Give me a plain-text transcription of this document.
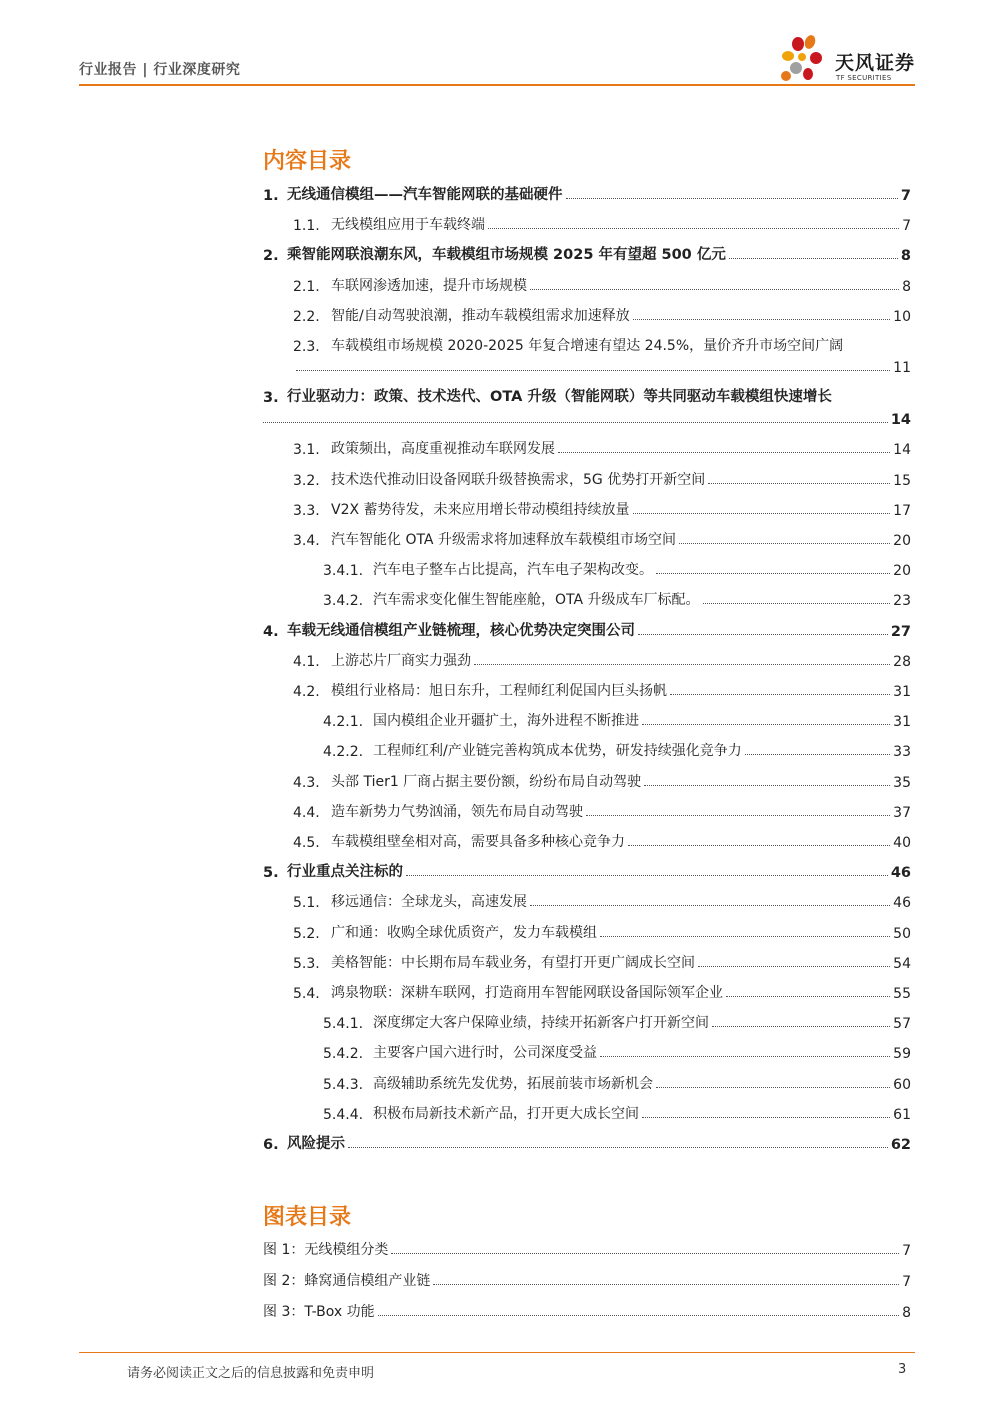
行业报告 | 行业深度研究	天风证券
TF SECURITIES
内容目录
1. 无线通信模组——汽车智能网联的基础硬件	7
1.1. 无线模组应用于车载终端	7
2. 乘智能网联浪潮东风，车载模组市场规模 2025 年有望超 500 亿元	8
2.1. 车联网渗透加速，提升市场规模	8
2.2. 智能/自动驾驶浪潮，推动车载模组需求加速释放	10
2.3. 车载模组市场规模 2020-2025 年复合增速有望达 24.5%，量价齐升市场空间广阔
11
3. 行业驱动力：政策、技术迭代、OTA 升级（智能网联）等共同驱动车载模组快速增长
14
3.1. 政策频出，高度重视推动车联网发展	14
3.2. 技术迭代推动旧设备网联升级替换需求，5G 优势打开新空间	15
3.3. V2X 蓄势待发，未来应用增长带动模组持续放量	17
3.4. 汽车智能化 OTA 升级需求将加速释放车载模组市场空间	20
3.4.1. 汽车电子整车占比提高，汽车电子架构改变。	20
3.4.2. 汽车需求变化催生智能座舱，OTA 升级成车厂标配。	23
4. 车载无线通信模组产业链梳理，核心优势决定突围公司	27
4.1. 上游芯片厂商实力强劲	28
4.2. 模组行业格局：旭日东升，工程师红利促国内巨头扬帆	31
4.2.1. 国内模组企业开疆扩土，海外进程不断推进	31
4.2.2. 工程师红利/产业链完善构筑成本优势，研发持续强化竞争力	33
4.3. 头部 Tier1 厂商占据主要份额，纷纷布局自动驾驶	35
4.4. 造车新势力气势汹涌，领先布局自动驾驶	37
4.5. 车载模组壁垒相对高，需要具备多种核心竞争力	40
5. 行业重点关注标的	46
5.1. 移远通信：全球龙头，高速发展	46
5.2. 广和通：收购全球优质资产，发力车载模组	50
5.3. 美格智能：中长期布局车载业务，有望打开更广阔成长空间	54
5.4. 鸿泉物联：深耕车联网，打造商用车智能网联设备国际领军企业	55
5.4.1. 深度绑定大客户保障业绩，持续开拓新客户打开新空间	57
5.4.2. 主要客户国六进行时，公司深度受益	59
5.4.3. 高级辅助系统先发优势，拓展前装市场新机会	60
5.4.4. 积极布局新技术新产品，打开更大成长空间	61
6. 风险提示	62
图表目录
图 1：无线模组分类	7
图 2：蜂窝通信模组产业链	7
图 3：T-Box 功能	8
请务必阅读正文之后的信息披露和免责申明	3
